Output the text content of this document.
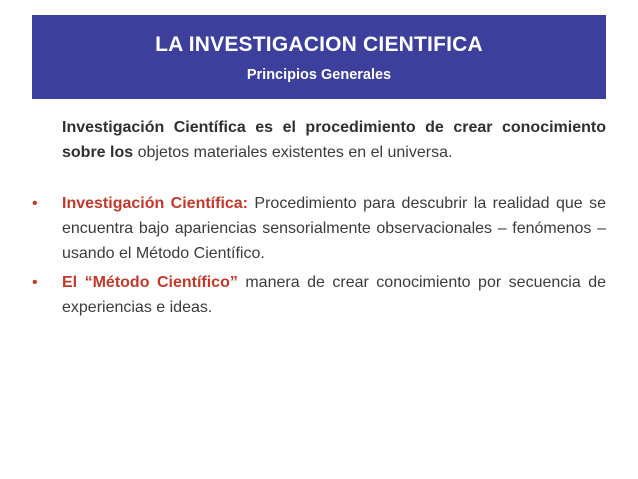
LA INVESTIGACION CIENTIFICA
Principios Generales
Investigación Científica es el procedimiento de crear conocimiento sobre los objetos materiales existentes en el universa.
• Investigación Científica: Procedimiento para descubrir la realidad que se encuentra bajo apariencias sensorialmente observacionales – fenómenos – usando el Método Científico.
• El “Método Científico” manera de crear conocimiento por secuencia de experiencias e ideas.
